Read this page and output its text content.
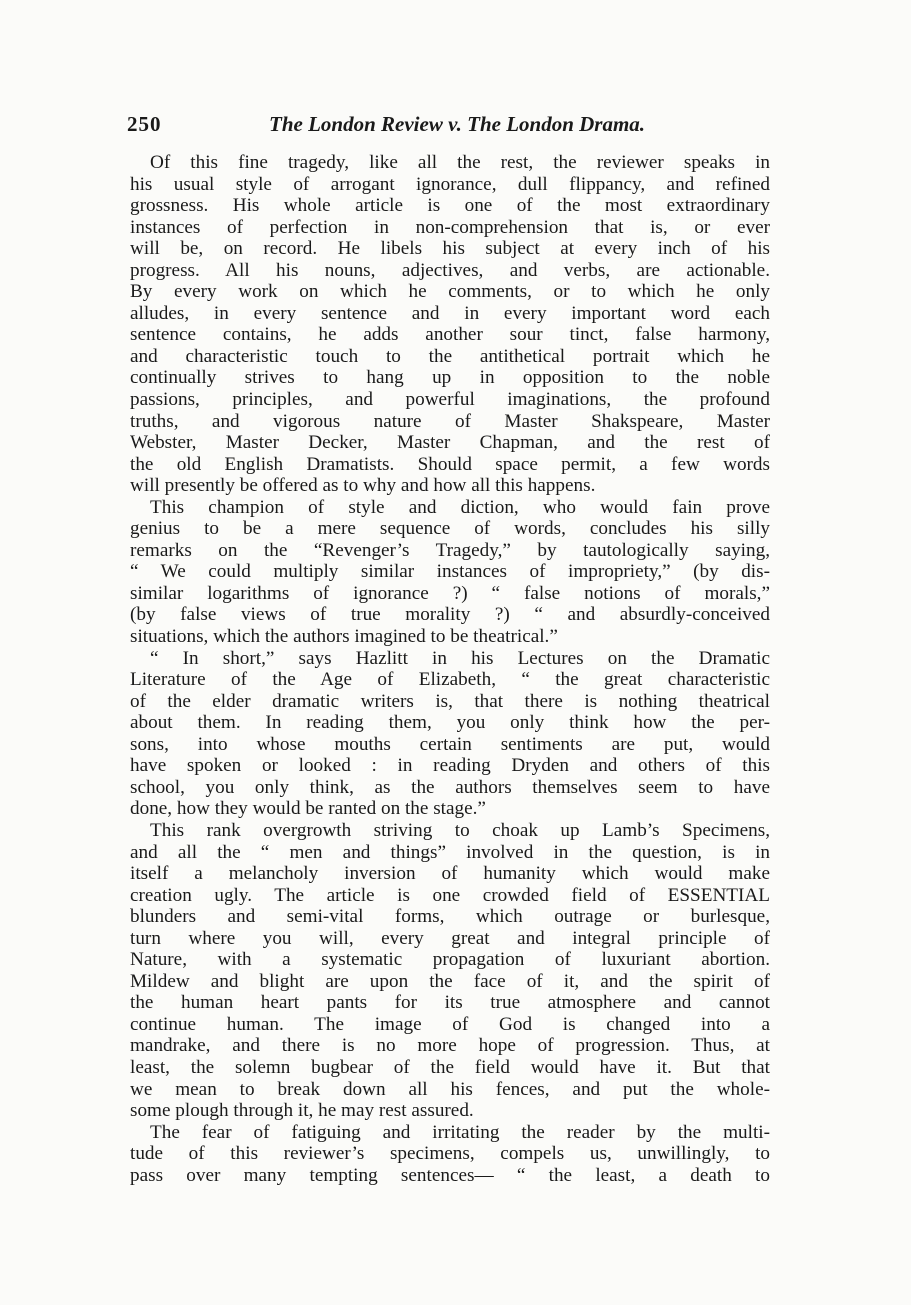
250	The London Review v. The London Drama.
Of this fine tragedy, like all the rest, the reviewer speaks in
his usual style of arrogant ignorance, dull flippancy, and refined
grossness. His whole article is one of the most extraordinary
instances of perfection in non-comprehension that is, or ever
will be, on record. He libels his subject at every inch of his
progress. All his nouns, adjectives, and verbs, are actionable.
By every work on which he comments, or to which he only
alludes, in every sentence and in every important word each
sentence contains, he adds another sour tinct, false harmony,
and characteristic touch to the antithetical portrait which he
continually strives to hang up in opposition to the noble
passions, principles, and powerful imaginations, the profound
truths, and vigorous nature of Master Shakspeare, Master
Webster, Master Decker, Master Chapman, and the rest of
the old English Dramatists. Should space permit, a few words
will presently be offered as to why and how all this happens.
This champion of style and diction, who would fain prove
genius to be a mere sequence of words, concludes his silly
remarks on the “Revenger’s Tragedy,” by tautologically saying,
“ We could multiply similar instances of impropriety,” (by dis-
similar logarithms of ignorance ?) “ false notions of morals,”
(by false views of true morality ?) “ and absurdly-conceived
situations, which the authors imagined to be theatrical.”
“ In short,” says Hazlitt in his Lectures on the Dramatic
Literature of the Age of Elizabeth, “ the great characteristic
of the elder dramatic writers is, that there is nothing theatrical
about them. In reading them, you only think how the per-
sons, into whose mouths certain sentiments are put, would
have spoken or looked : in reading Dryden and others of this
school, you only think, as the authors themselves seem to have
done, how they would be ranted on the stage.”
This rank overgrowth striving to choak up Lamb’s Specimens,
and all the “ men and things” involved in the question, is in
itself a melancholy inversion of humanity which would make
creation ugly. The article is one crowded field of ESSENTIAL
blunders and semi-vital forms, which outrage or burlesque,
turn where you will, every great and integral principle of
Nature, with a systematic propagation of luxuriant abortion.
Mildew and blight are upon the face of it, and the spirit of
the human heart pants for its true atmosphere and cannot
continue human. The image of God is changed into a
mandrake, and there is no more hope of progression. Thus, at
least, the solemn bugbear of the field would have it. But that
we mean to break down all his fences, and put the whole-
some plough through it, he may rest assured.
The fear of fatiguing and irritating the reader by the multi-
tude of this reviewer’s specimens, compels us, unwillingly, to
pass over many tempting sentences— “ the least, a death to
